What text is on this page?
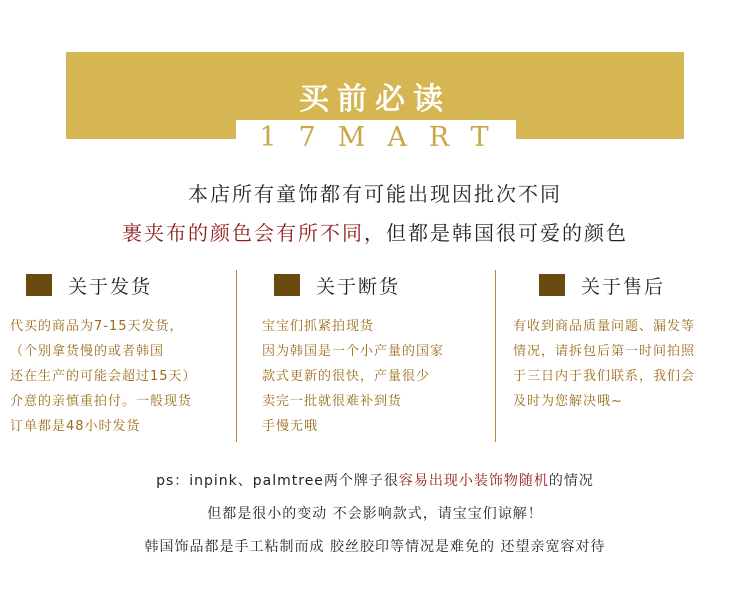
买前必读
17MART
本店所有童饰都有可能出现因批次不同
裹夹布的颜色会有所不同，但都是韩国很可爱的颜色
关于发货
代买的商品为7-15天发货，
（个别拿货慢的或者韩国
还在生产的可能会超过15天）
介意的亲慎重拍付。一般现货
订单都是48小时发货
关于断货
宝宝们抓紧拍现货
因为韩国是一个小产量的国家
款式更新的很快，产量很少
卖完一批就很难补到货
手慢无哦
关于售后
有收到商品质量问题、漏发等
情况，请拆包后第一时间拍照
于三日内于我们联系，我们会
及时为您解决哦~
ps：inpink、palmtree两个牌子很容易出现小装饰物随机的情况
但都是很小的变动 不会影响款式，请宝宝们谅解！
韩国饰品都是手工粘制而成 胶丝胶印等情况是难免的 还望亲宽容对待
